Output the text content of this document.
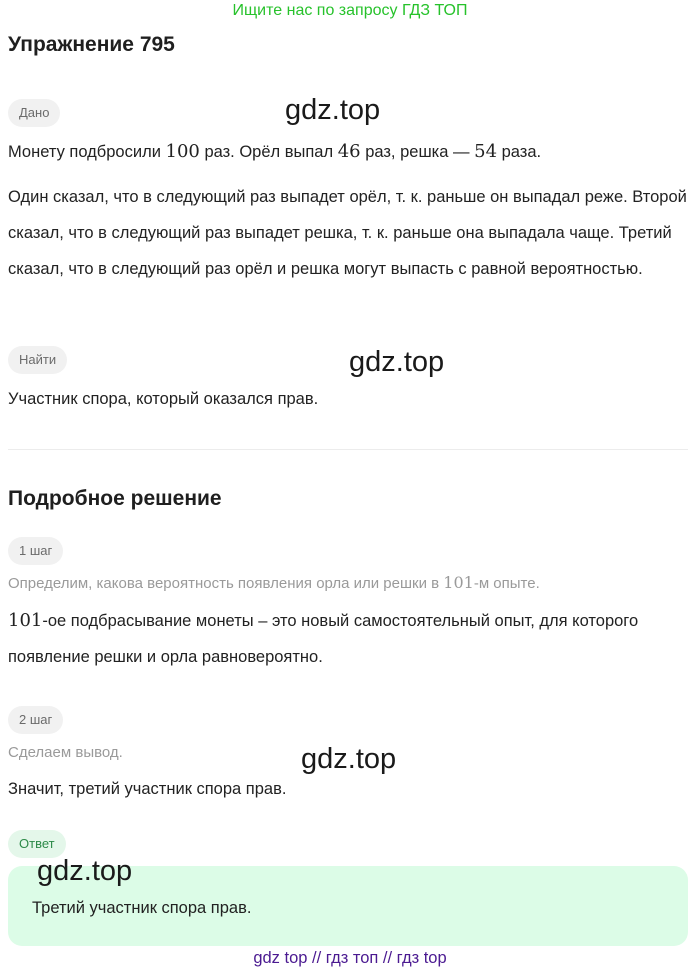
Ищите нас по запросу ГДЗ ТОП
Упражнение 795
Дано	gdz.top
Монету подбросили 100 раз. Орёл выпал 46 раз, решка — 54 раза.
Один сказал, что в следующий раз выпадет орёл, т. к. раньше он выпадал реже. Второй сказал, что в следующий раз выпадет решка, т. к. раньше она выпадала чаще. Третий сказал, что в следующий раз орёл и решка могут выпасть с равной вероятностью.
Найти	gdz.top
Участник спора, который оказался прав.
Подробное решение
1 шаг
Определим, какова вероятность появления орла или решки в 101-м опыте.
101-ое подбрасывание монеты – это новый самостоятельный опыт, для которого появление решки и орла равновероятно.
2 шаг
Сделаем вывод.	gdz.top
Значит, третий участник спора прав.
Ответ
Третий участник спора прав.
gdz.top
gdz top // гдз топ // гдз top
